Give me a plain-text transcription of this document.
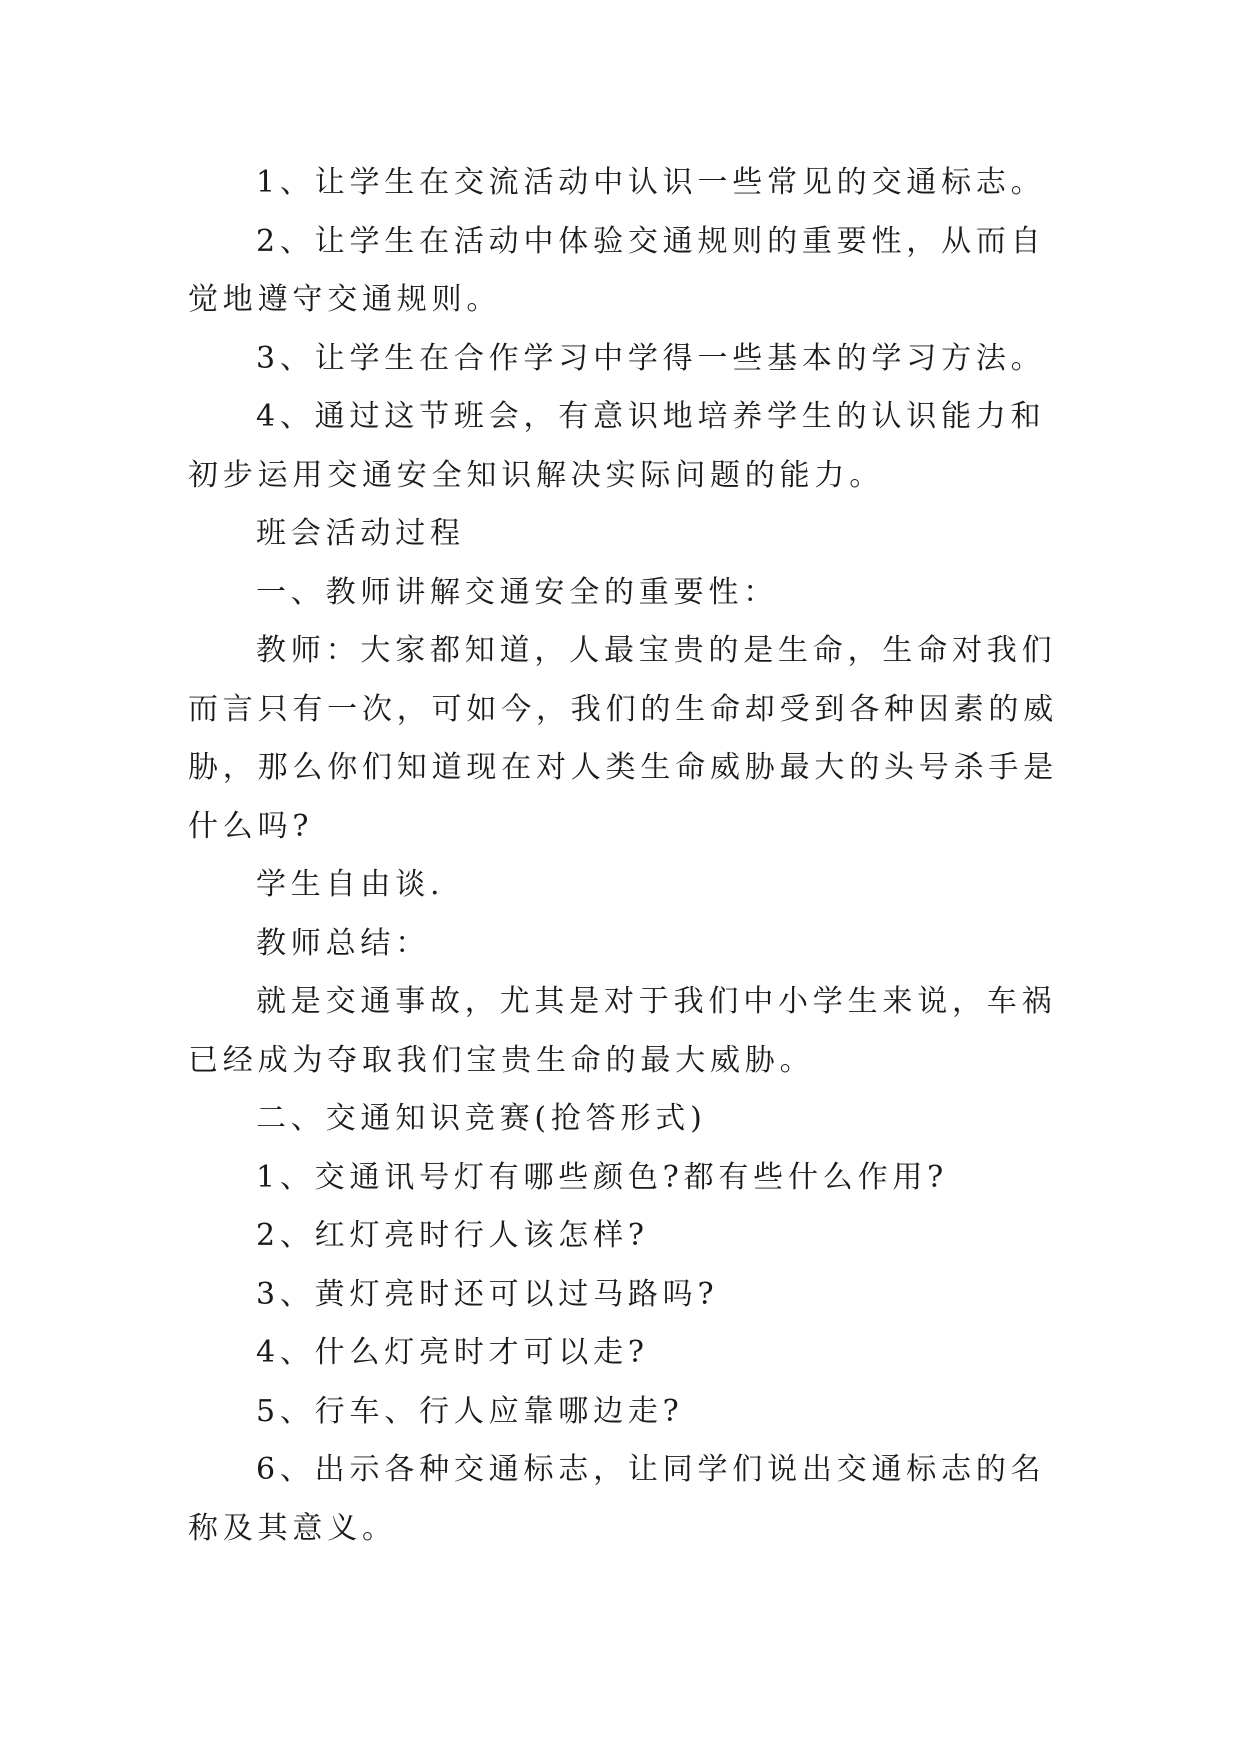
1、让学生在交流活动中认识一些常见的交通标志。

2、让学生在活动中体验交通规则的重要性，从而自觉地遵守交通规则。

3、让学生在合作学习中学得一些基本的学习方法。

4、通过这节班会，有意识地培养学生的认识能力和初步运用交通安全知识解决实际问题的能力。

班会活动过程

一、教师讲解交通安全的重要性：

教师：大家都知道，人最宝贵的是生命，生命对我们而言只有一次，可如今，我们的生命却受到各种因素的威胁，那么你们知道现在对人类生命威胁最大的头号杀手是什么吗?

学生自由谈.

教师总结：

就是交通事故，尤其是对于我们中小学生来说，车祸已经成为夺取我们宝贵生命的最大威胁。

二、交通知识竞赛(抢答形式)

1、交通讯号灯有哪些颜色?都有些什么作用?

2、红灯亮时行人该怎样?

3、黄灯亮时还可以过马路吗?

4、什么灯亮时才可以走?

5、行车、行人应靠哪边走?

6、出示各种交通标志，让同学们说出交通标志的名称及其意义。
